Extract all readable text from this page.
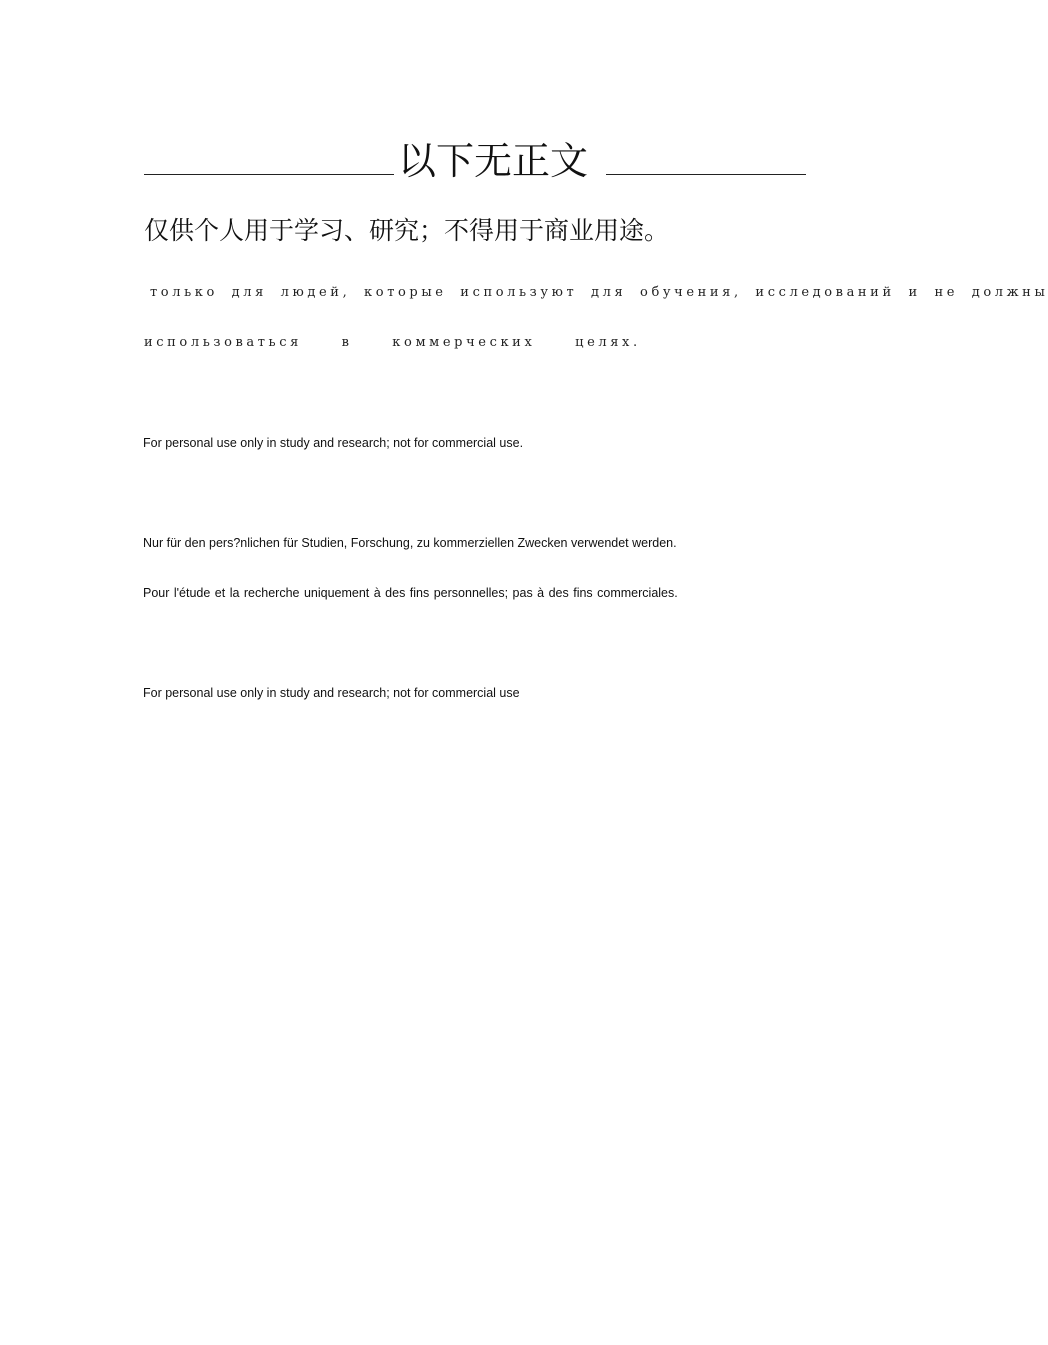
以下无正文
仅供个人用于学习、研究；不得用于商业用途。
только для людей, которые используют для обучения, исследований и не должны
использоваться в коммерческих целях.
For personal use only in study and research; not for commercial use.
Nur für den pers?nlichen für Studien, Forschung, zu kommerziellen Zwecken verwendet werden.
Pour l'étude et la recherche uniquement à des fins personnelles; pas à des fins commerciales.
For personal use only in study and research; not for commercial use
